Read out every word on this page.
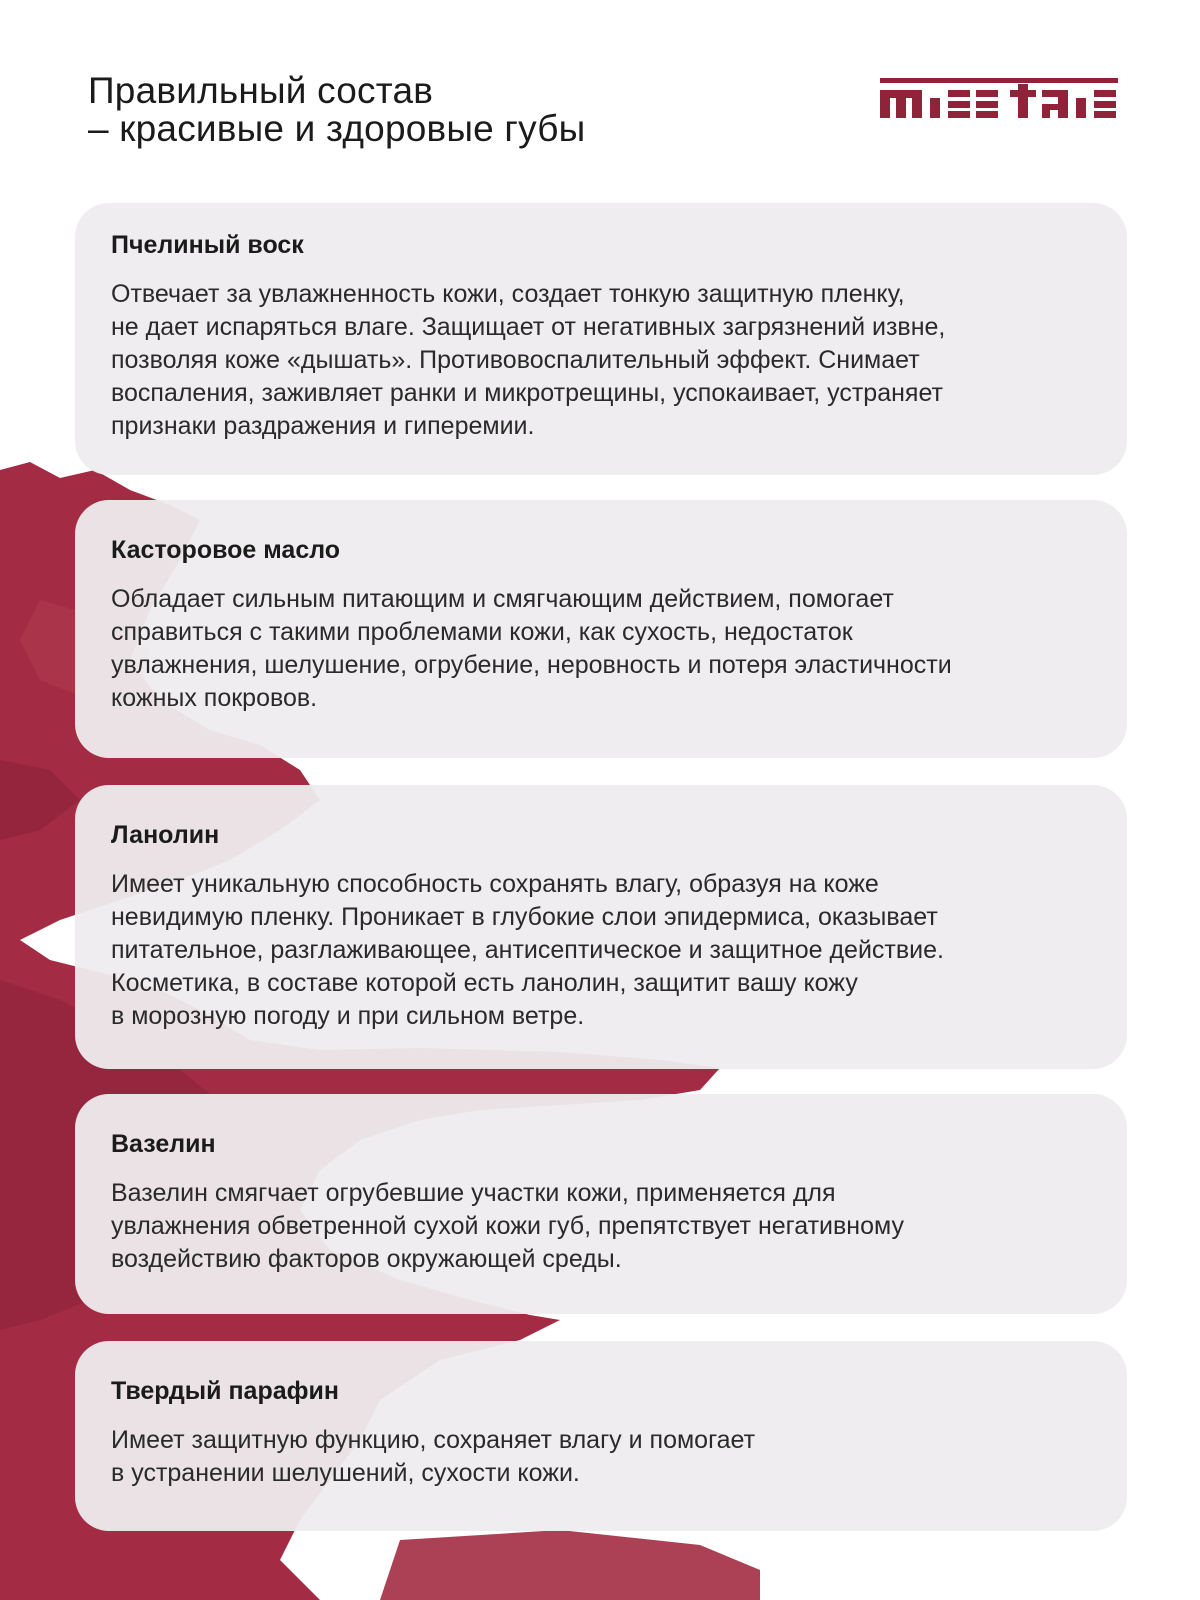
Правильный состав
– красивые и здоровые губы
Пчелиный воск

Отвечает за увлажненность кожи, создает тонкую защитную пленку,
не дает испаряться влаге. Защищает от негативных загрязнений извне,
позволяя коже «дышать». Противовоспалительный эффект. Снимает
воспаления, заживляет ранки и микротрещины, успокаивает, устраняет
признаки раздражения и гиперемии.

Касторовое масло

Обладает сильным питающим и смягчающим действием, помогает
справиться с такими проблемами кожи, как сухость, недостаток
увлажнения, шелушение, огрубение, неровность и потеря эластичности
кожных покровов.

Ланолин

Имеет уникальную способность сохранять влагу, образуя на коже
невидимую пленку. Проникает в глубокие слои эпидермиса, оказывает
питательное, разглаживающее, антисептическое и защитное действие.
Косметика, в составе которой есть ланолин, защитит вашу кожу
в морозную погоду и при сильном ветре.

Вазелин

Вазелин смягчает огрубевшие участки кожи, применяется для
увлажнения обветренной сухой кожи губ, препятствует негативному
воздействию факторов окружающей среды.

Твердый парафин

Имеет защитную функцию, сохраняет влагу и помогает
в устранении шелушений, сухости кожи.
